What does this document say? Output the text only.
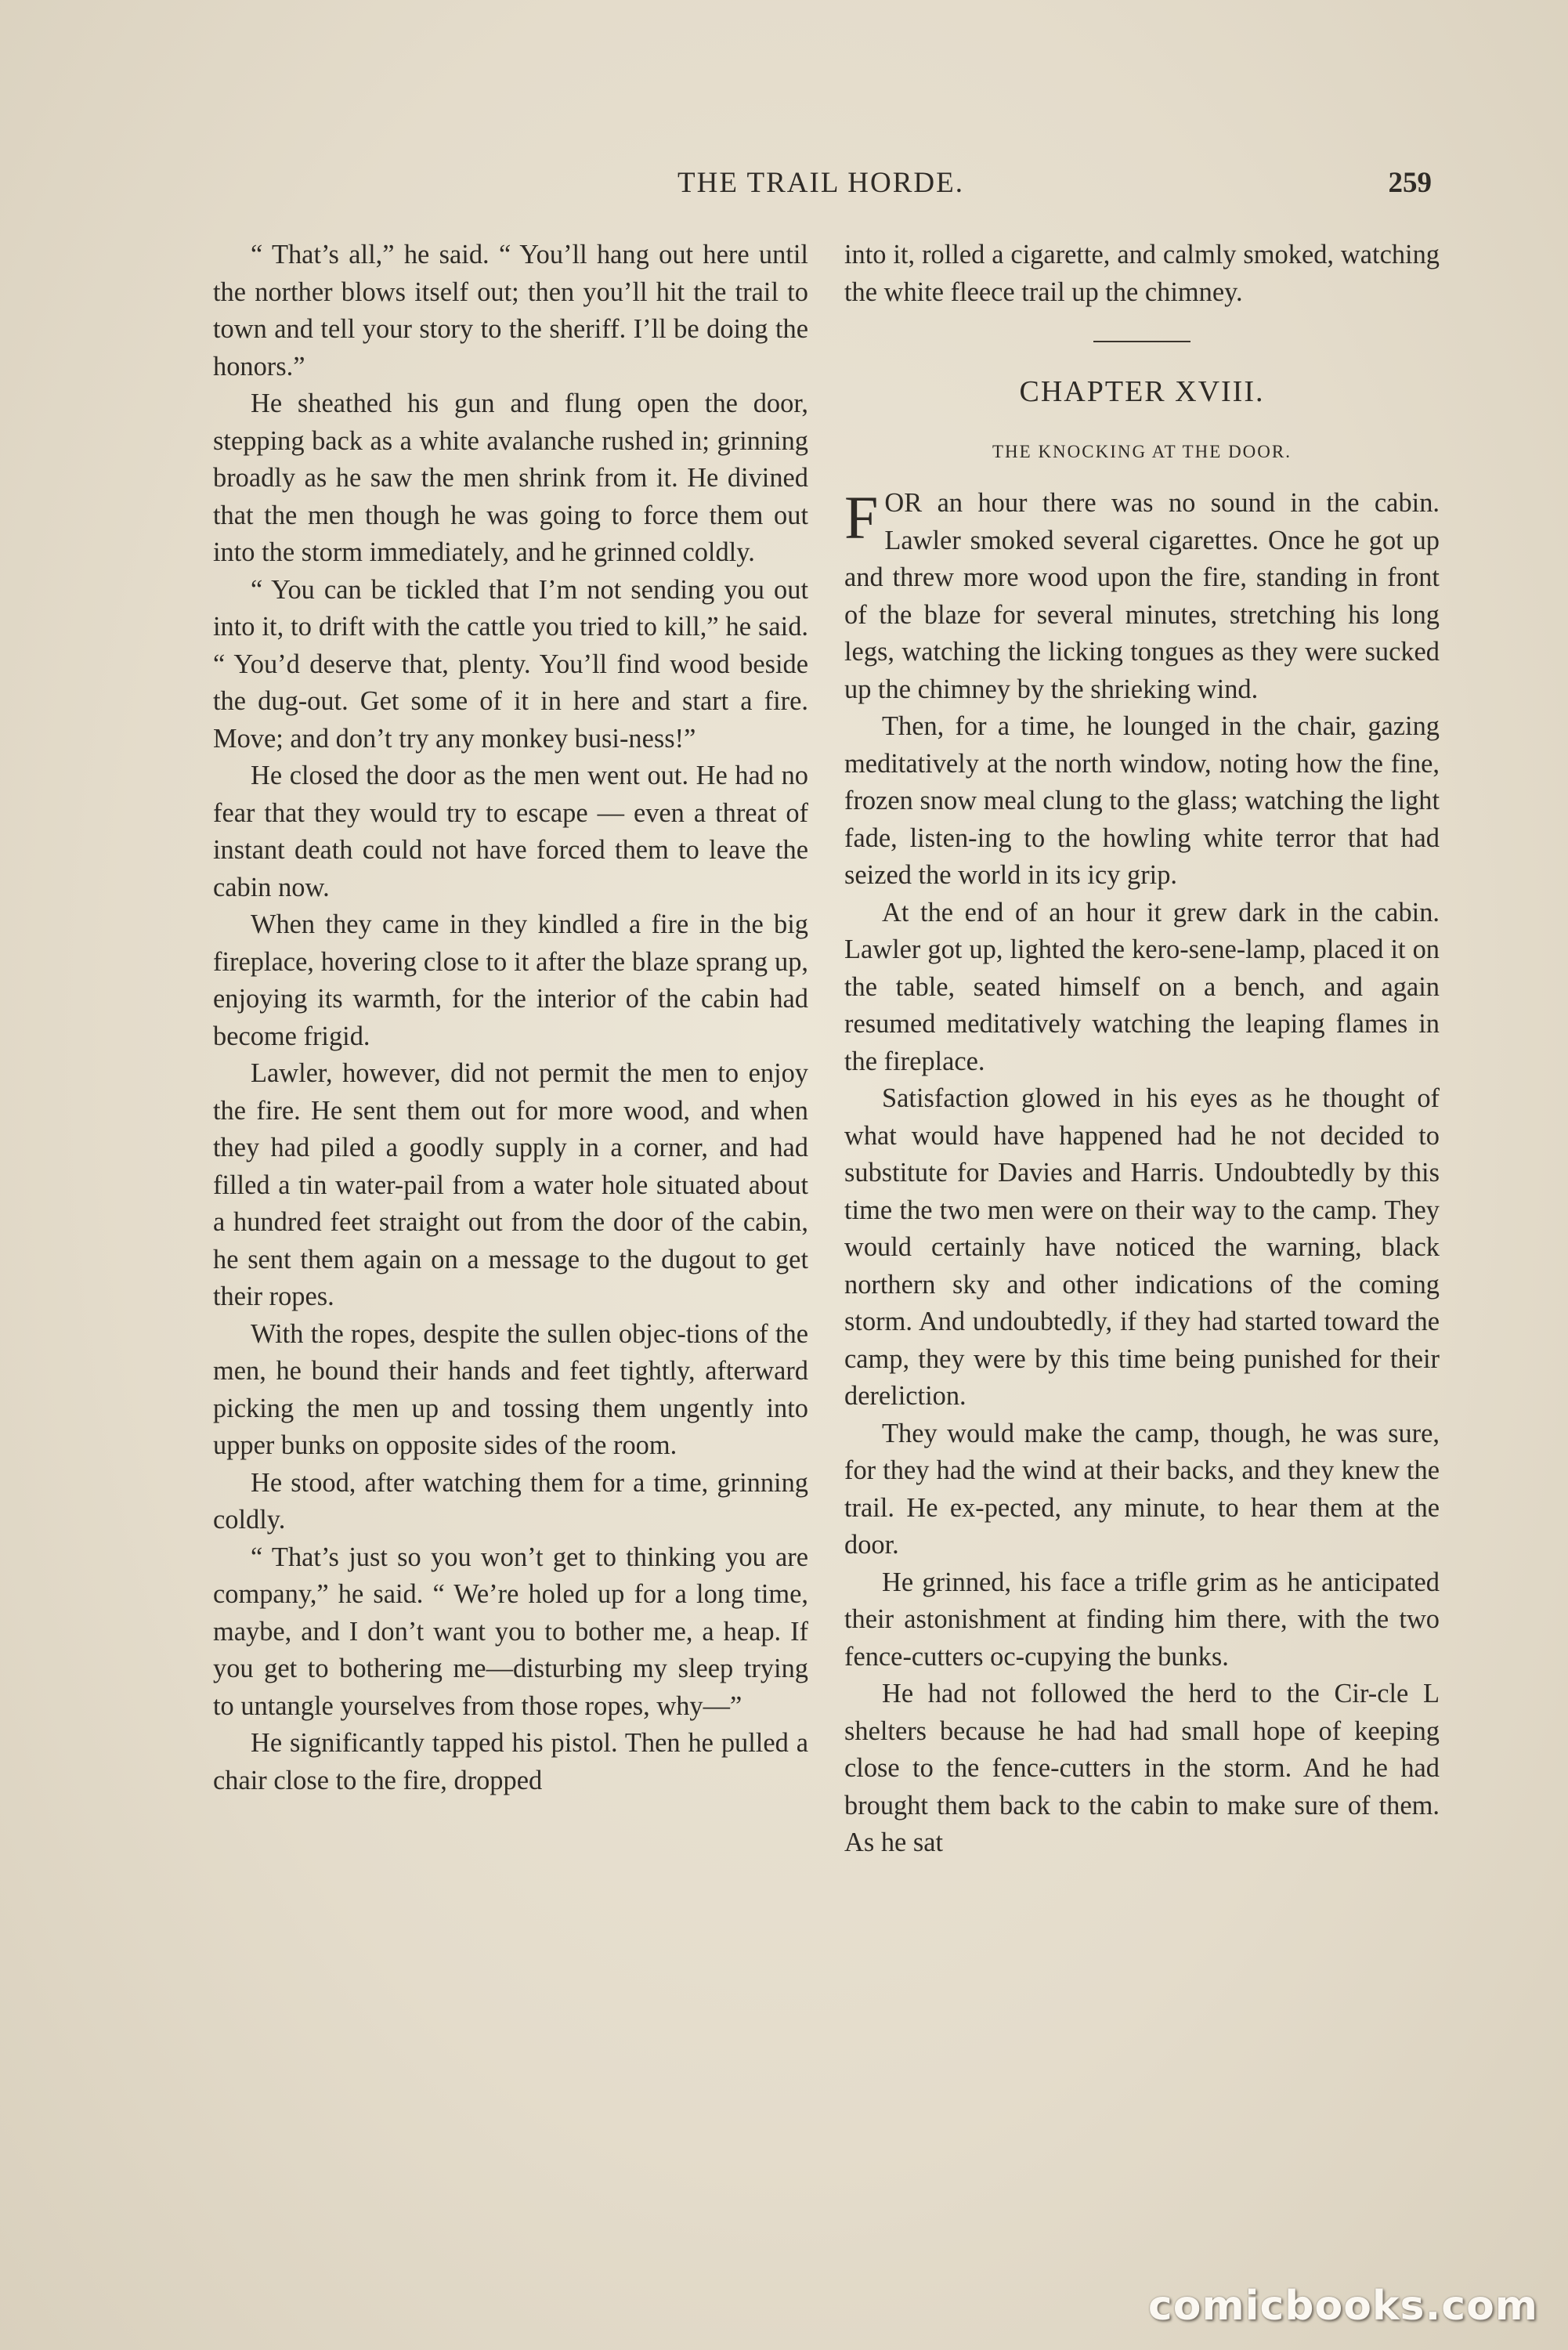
THE TRAIL HORDE.	259

“ That’s all,” he said. “ You’ll hang out here until the norther blows itself out; then you’ll hit the trail to town and tell your story to the sheriff. I’ll be doing the honors.”

He sheathed his gun and flung open the door, stepping back as a white avalanche rushed in; grinning broadly as he saw the men shrink from it. He divined that the men though he was going to force them out into the storm immediately, and he grinned coldly.

“ You can be tickled that I’m not sending you out into it, to drift with the cattle you tried to kill,” he said. “ You’d deserve that, plenty. You’ll find wood beside the dug-out. Get some of it in here and start a fire. Move; and don’t try any monkey busi-ness!”

He closed the door as the men went out. He had no fear that they would try to escape — even a threat of instant death could not have forced them to leave the cabin now.

When they came in they kindled a fire in the big fireplace, hovering close to it after the blaze sprang up, enjoying its warmth, for the interior of the cabin had become frigid.

Lawler, however, did not permit the men to enjoy the fire. He sent them out for more wood, and when they had piled a goodly supply in a corner, and had filled a tin water-pail from a water hole situated about a hundred feet straight out from the door of the cabin, he sent them again on a message to the dugout to get their ropes.

With the ropes, despite the sullen objec-tions of the men, he bound their hands and feet tightly, afterward picking the men up and tossing them ungently into upper bunks on opposite sides of the room.

He stood, after watching them for a time, grinning coldly.

“ That’s just so you won’t get to thinking you are company,” he said. “ We’re holed up for a long time, maybe, and I don’t want you to bother me, a heap. If you get to bothering me—disturbing my sleep trying to untangle yourselves from those ropes, why—”

He significantly tapped his pistol. Then he pulled a chair close to the fire, dropped

into it, rolled a cigarette, and calmly smoked, watching the white fleece trail up the chimney.

CHAPTER XVIII.
THE KNOCKING AT THE DOOR.

FOR an hour there was no sound in the cabin. Lawler smoked several cigarettes. Once he got up and threw more wood upon the fire, standing in front of the blaze for several minutes, stretching his long legs, watching the licking tongues as they were sucked up the chimney by the shrieking wind.

Then, for a time, he lounged in the chair, gazing meditatively at the north window, noting how the fine, frozen snow meal clung to the glass; watching the light fade, listen-ing to the howling white terror that had seized the world in its icy grip.

At the end of an hour it grew dark in the cabin. Lawler got up, lighted the kero-sene-lamp, placed it on the table, seated himself on a bench, and again resumed meditatively watching the leaping flames in the fireplace.

Satisfaction glowed in his eyes as he thought of what would have happened had he not decided to substitute for Davies and Harris. Undoubtedly by this time the two men were on their way to the camp. They would certainly have noticed the warning, black northern sky and other indications of the coming storm. And undoubtedly, if they had started toward the camp, they were by this time being punished for their dereliction.

They would make the camp, though, he was sure, for they had the wind at their backs, and they knew the trail. He ex-pected, any minute, to hear them at the door.

He grinned, his face a trifle grim as he anticipated their astonishment at finding him there, with the two fence-cutters oc-cupying the bunks.

He had not followed the herd to the Cir-cle L shelters because he had had small hope of keeping close to the fence-cutters in the storm. And he had brought them back to the cabin to make sure of them. As he sat

comicbooks.com
